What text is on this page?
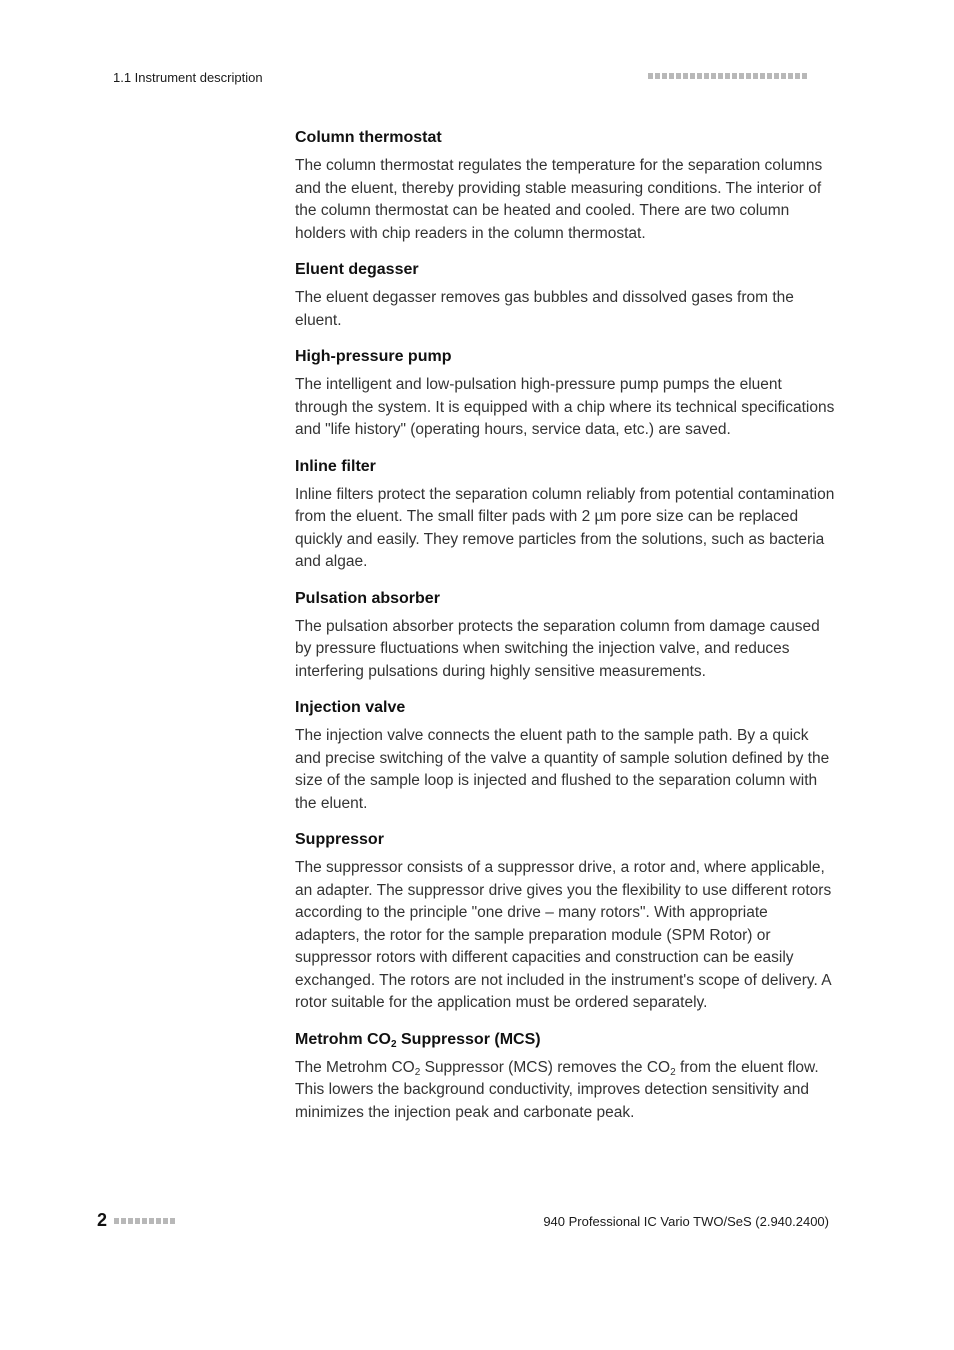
1.1 Instrument description
Column thermostat

The column thermostat regulates the temperature for the separation columns and the eluent, thereby providing stable measuring conditions. The interior of the column thermostat can be heated and cooled. There are two column holders with chip readers in the column thermostat.

Eluent degasser

The eluent degasser removes gas bubbles and dissolved gases from the eluent.

High-pressure pump

The intelligent and low-pulsation high-pressure pump pumps the eluent through the system. It is equipped with a chip where its technical specifications and "life history" (operating hours, service data, etc.) are saved.

Inline filter

Inline filters protect the separation column reliably from potential contamination from the eluent. The small filter pads with 2 µm pore size can be replaced quickly and easily. They remove particles from the solutions, such as bacteria and algae.

Pulsation absorber

The pulsation absorber protects the separation column from damage caused by pressure fluctuations when switching the injection valve, and reduces interfering pulsations during highly sensitive measurements.

Injection valve

The injection valve connects the eluent path to the sample path. By a quick and precise switching of the valve a quantity of sample solution defined by the size of the sample loop is injected and flushed to the separation column with the eluent.

Suppressor

The suppressor consists of a suppressor drive, a rotor and, where applicable, an adapter. The suppressor drive gives you the flexibility to use different rotors according to the principle "one drive – many rotors". With appropriate adapters, the rotor for the sample preparation module (SPM Rotor) or suppressor rotors with different capacities and construction can be easily exchanged. The rotors are not included in the instrument's scope of delivery. A rotor suitable for the application must be ordered separately.

Metrohm $CO_2$ Suppressor (MCS)

The Metrohm $CO_2$ Suppressor (MCS) removes the $CO_2$ from the eluent flow. This lowers the background conductivity, improves detection sensitivity and minimizes the injection peak and carbonate peak.

2	940 Professional IC Vario TWO/SeS (2.940.2400)
